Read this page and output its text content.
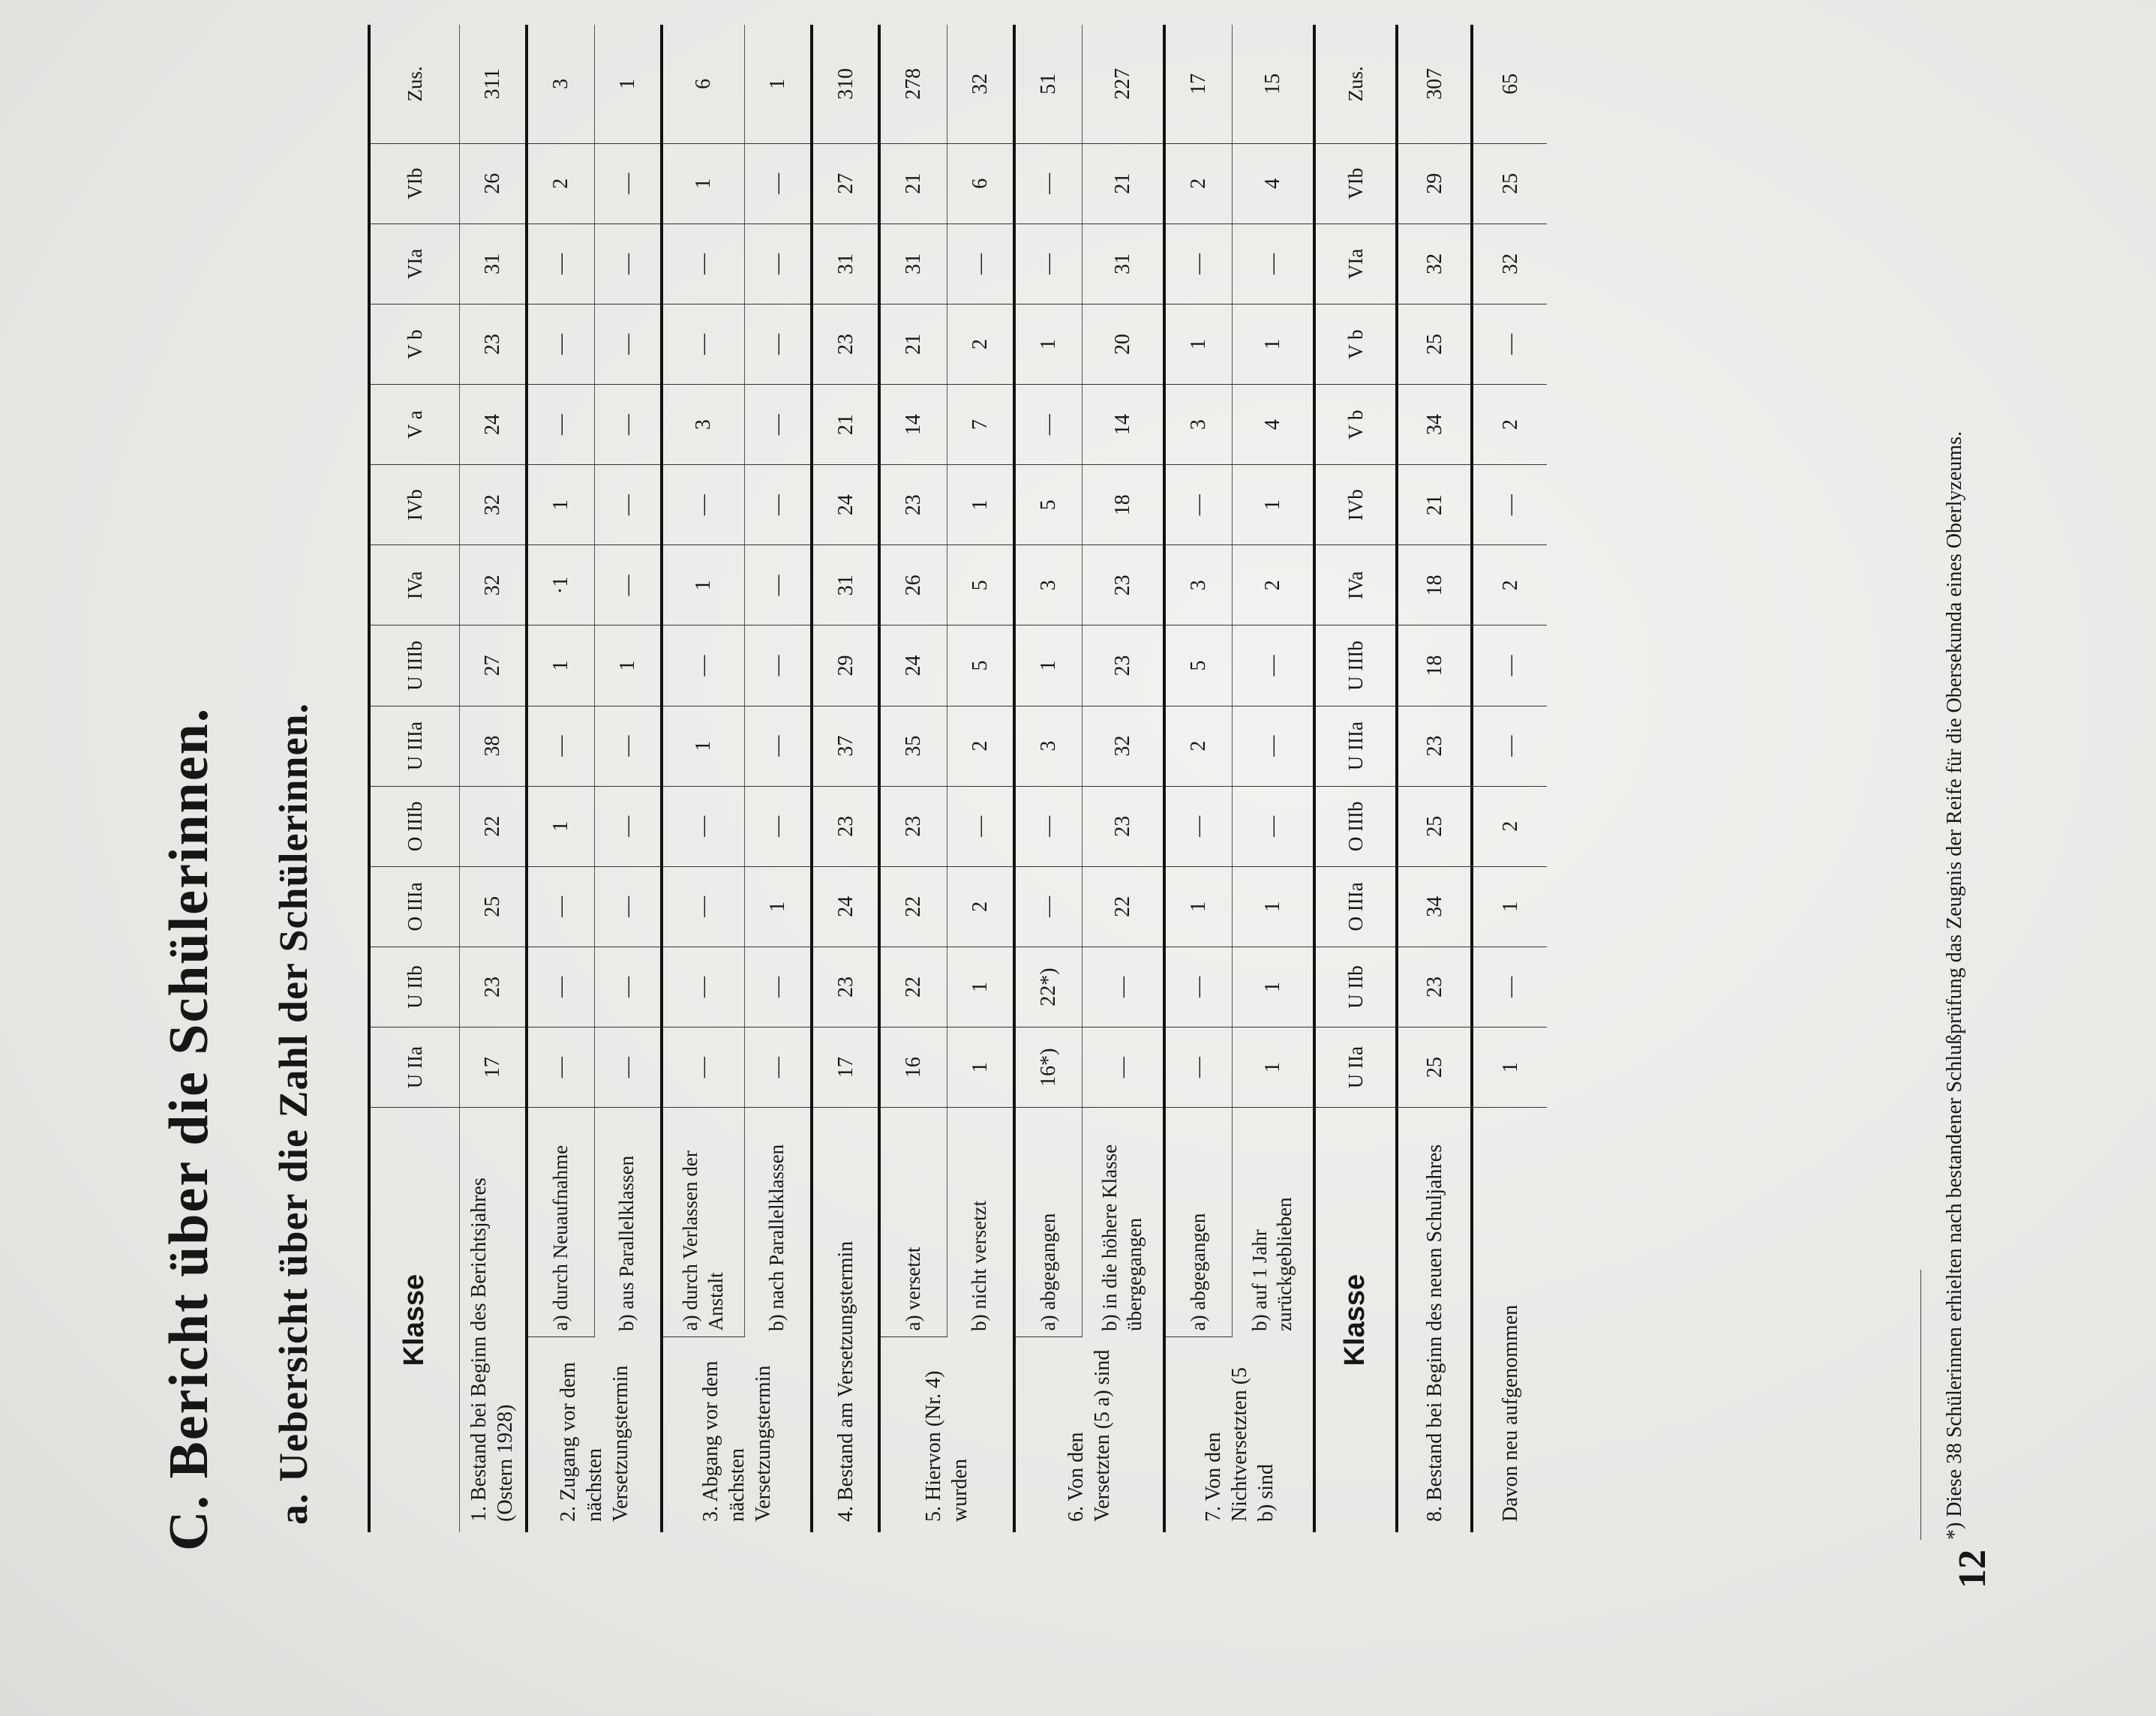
C. Bericht über die Schülerinnen. a. Uebersicht über die Zahl der Schülerinnen.	Klasse		U IIa	U IIb	O IIIa	O IIIb	U IIIa	U IIIb	IVa	IVb	V a	V b	VIa	VIb	Zus.
1. Bestand bei Beginn des Berichtsjahres (Ostern 1928)		17	23	25	22	38	27	32	32	24	23	31	26	311
2. Zugang vor dem nächsten Versetzungstermin	a) durch Neuaufnahme	—	—	—	1	—	1	·1	1	—	—	—	2	3
	b) aus Parallelklassen	—	—	—	—	—	1	—	—	—	—	—	—	1
3. Abgang vor dem nächsten Versetzungstermin	a) durch Verlassen der Anstalt	—	—	—	—	1	—	1	—	3	—	—	1	6
	b) nach Parallelklassen	—	—	1	—	—	—	—	—	—	—	—	—	1
4. Bestand am Versetzungstermin		17	23	24	23	37	29	31	24	21	23	31	27	310
5. Hiervon (Nr. 4) wurden	a) versetzt	16	22	22	23	35	24	26	23	14	21	31	21	278
	b) nicht versetzt	1	1	2	—	2	5	5	1	7	2	—	6	32
6. Von den Versetzten (5 a) sind	a) abgegangen	16*)	22*)	—	—	3	1	3	5	—	1	—	—	51
	b) in die höhere Klasse übergegangen	—	—	22	23	32	23	23	18	14	20	31	21	227
7. Von den Nichtversetzten (5 b) sind	a) abgegangen	—	—	1	—	2	5	3	—	3	1	—	2	17
	b) auf 1 Jahr zurückgeblieben	1	1	1	—	—	—	2	1	4	1	—	4	15
Klasse		U IIa	U IIb	O IIIa	O IIIb	U IIIa	U IIIb	IVa	IVb	V b	V b	VIa	VIb	Zus.
8. Bestand bei Beginn des neuen Schuljahres		25	23	34	25	23	18	18	21	34	25	32	29	307
Davon neu aufgenommen		1	—	1	2	—	—	2	—	2	—	32	25	65
*) Diese 38 Schülerinnen erhielten nach bestandener Schlußprüfung das Zeugnis der Reife für die Obersekunda eines Oberlyzeums.
12
